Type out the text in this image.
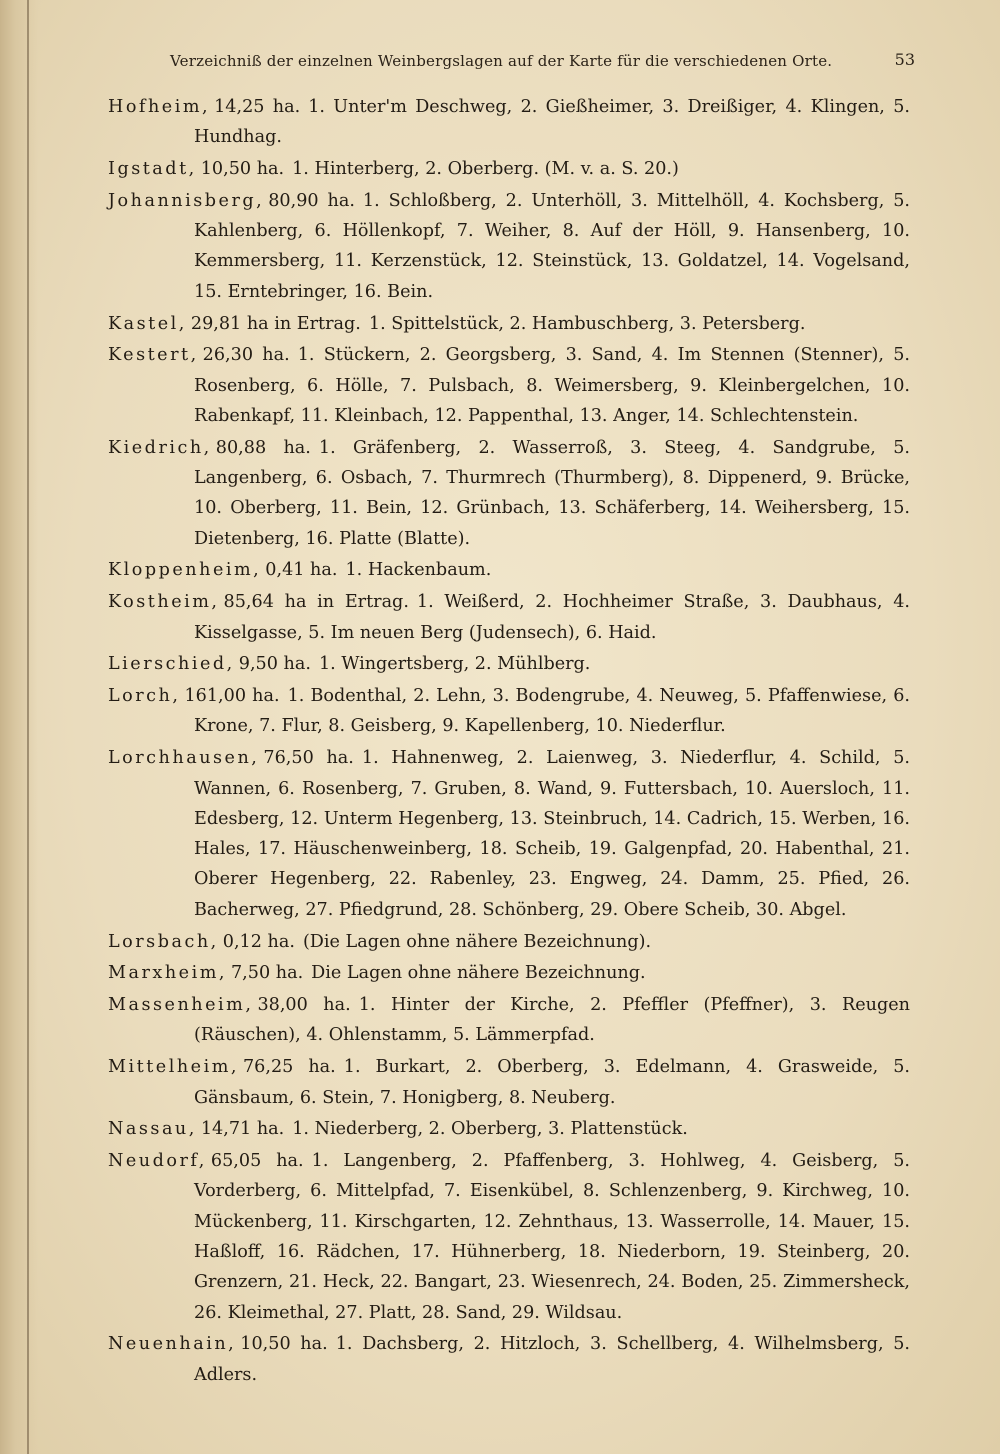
Verzeichniß der einzelnen Weinbergslagen auf der Karte für die verschiedenen Orte.	53

Hofheim, 14,25 ha. 1. Unter'm Deschweg, 2. Gießheimer, 3. Dreißiger, 4. Klingen, 5. Hundhag.

Igstadt, 10,50 ha. 1. Hinterberg, 2. Oberberg. (M. v. a. S. 20.)

Johannisberg, 80,90 ha. 1. Schloßberg, 2. Unterhöll, 3. Mittelhöll, 4. Kochsberg, 5. Kahlenberg, 6. Höllenkopf, 7. Weiher, 8. Auf der Höll, 9. Hansenberg, 10. Kemmersberg, 11. Kerzenstück, 12. Steinstück, 13. Goldatzel, 14. Vogelsand, 15. Erntebringer, 16. Bein.

Kastel, 29,81 ha in Ertrag. 1. Spittelstück, 2. Hambuschberg, 3. Petersberg.

Kestert, 26,30 ha. 1. Stückern, 2. Georgsberg, 3. Sand, 4. Im Stennen (Stenner), 5. Rosenberg, 6. Hölle, 7. Pulsbach, 8. Weimersberg, 9. Kleinbergelchen, 10. Rabenkapf, 11. Kleinbach, 12. Pappenthal, 13. Anger, 14. Schlechtenstein.

Kiedrich, 80,88 ha. 1. Gräfenberg, 2. Wasserroß, 3. Steeg, 4. Sandgrube, 5. Langenberg, 6. Osbach, 7. Thurmrech (Thurmberg), 8. Dippenerd, 9. Brücke, 10. Oberberg, 11. Bein, 12. Grünbach, 13. Schäferberg, 14. Weihersberg, 15. Dietenberg, 16. Platte (Blatte).

Kloppenheim, 0,41 ha. 1. Hackenbaum.

Kostheim, 85,64 ha in Ertrag. 1. Weißerd, 2. Hochheimer Straße, 3. Daubhaus, 4. Kisselgasse, 5. Im neuen Berg (Judensech), 6. Haid.

Lierschied, 9,50 ha. 1. Wingertsberg, 2. Mühlberg.

Lorch, 161,00 ha. 1. Bodenthal, 2. Lehn, 3. Bodengrube, 4. Neuweg, 5. Pfaffenwiese, 6. Krone, 7. Flur, 8. Geisberg, 9. Kapellenberg, 10. Niederflur.

Lorchhausen, 76,50 ha. 1. Hahnenweg, 2. Laienweg, 3. Niederflur, 4. Schild, 5. Wannen, 6. Rosenberg, 7. Gruben, 8. Wand, 9. Futtersbach, 10. Auersloch, 11. Edesberg, 12. Unterm Hegenberg, 13. Steinbruch, 14. Cadrich, 15. Werben, 16. Hales, 17. Häuschenweinberg, 18. Scheib, 19. Galgenpfad, 20. Habenthal, 21. Oberer Hegenberg, 22. Rabenley, 23. Engweg, 24. Damm, 25. Pfied, 26. Bacherweg, 27. Pfiedgrund, 28. Schönberg, 29. Obere Scheib, 30. Abgel.

Lorsbach, 0,12 ha. (Die Lagen ohne nähere Bezeichnung).

Marxheim, 7,50 ha. Die Lagen ohne nähere Bezeichnung.

Massenheim, 38,00 ha. 1. Hinter der Kirche, 2. Pfeffler (Pfeffner), 3. Reugen (Räuschen), 4. Ohlenstamm, 5. Lämmerpfad.

Mittelheim, 76,25 ha. 1. Burkart, 2. Oberberg, 3. Edelmann, 4. Grasweide, 5. Gänsbaum, 6. Stein, 7. Honigberg, 8. Neuberg.

Nassau, 14,71 ha. 1. Niederberg, 2. Oberberg, 3. Plattenstück.

Neudorf, 65,05 ha. 1. Langenberg, 2. Pfaffenberg, 3. Hohlweg, 4. Geisberg, 5. Vorderberg, 6. Mittelpfad, 7. Eisenkübel, 8. Schlenzenberg, 9. Kirchweg, 10. Mückenberg, 11. Kirschgarten, 12. Zehnthaus, 13. Wasserrolle, 14. Mauer, 15. Haßloff, 16. Rädchen, 17. Hühnerberg, 18. Niederborn, 19. Steinberg, 20. Grenzern, 21. Heck, 22. Bangart, 23. Wiesenrech, 24. Boden, 25. Zimmersheck, 26. Kleimethal, 27. Platt, 28. Sand, 29. Wildsau.

Neuenhain, 10,50 ha. 1. Dachsberg, 2. Hitzloch, 3. Schellberg, 4. Wilhelmsberg, 5. Adlers.
